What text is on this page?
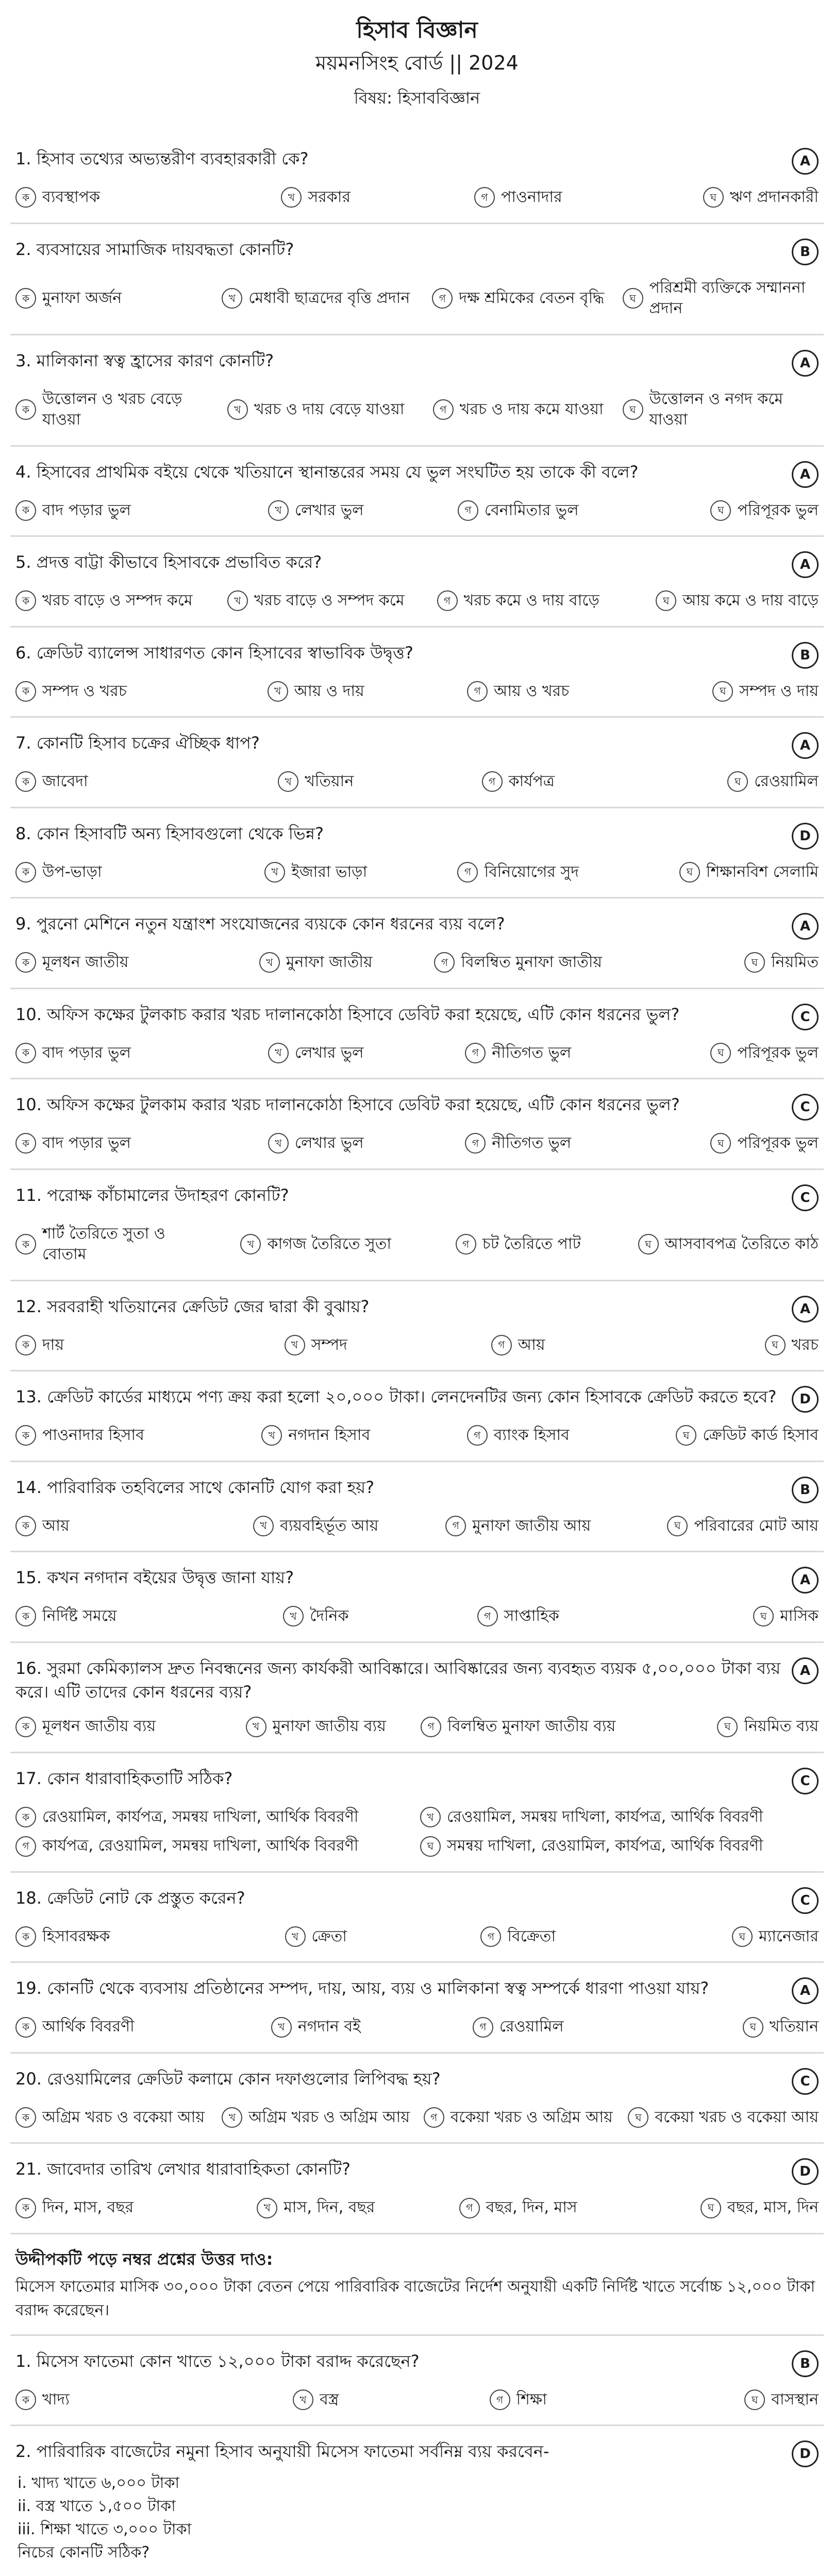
হিসাব বিজ্ঞান
ময়মনসিংহ বোর্ড || 2024
বিষয়: হিসাববিজ্ঞান
1. হিসাব তথ্যের অভ্যন্তরীণ ব্যবহারকারী কে?	A
ক ব্যবস্থাপক	খ সরকার	গ পাওনাদার	ঘ ঋণ প্রদানকারী
2. ব্যবসায়ের সামাজিক দায়বদ্ধতা কোনটি?	B
ক মুনাফা অর্জন	খ মেধাবী ছাত্রদের বৃত্তি প্রদান	গ দক্ষ শ্রমিকের বেতন বৃদ্ধি	ঘ
পরিশ্রমী ব্যক্তিকে সম্মাননা প্রদান
3. মালিকানা স্বত্ব হ্রাসের কারণ কোনটি?	A
ক
উত্তোলন ও খরচ বেড়ে যাওয়া
খ খরচ ও দায় বেড়ে যাওয়া	গ খরচ ও দায় কমে যাওয়া	ঘ
উত্তোলন ও নগদ কমে যাওয়া
4. হিসাবের প্রাথমিক বইয়ে থেকে খতিয়ানে স্থানান্তরের সময় যে ভুল সংঘটিত হয় তাকে কী বলে?	A
ক বাদ পড়ার ভুল	খ লেখার ভুল	গ বেনামিতার ভুল	ঘ পরিপূরক ভুল
5. প্রদত্ত বাট্টা কীভাবে হিসাবকে প্রভাবিত করে?	A
ক খরচ বাড়ে ও সম্পদ কমে	খ খরচ বাড়ে ও সম্পদ কমে	গ খরচ কমে ও দায় বাড়ে	ঘ আয় কমে ও দায় বাড়ে
6. ক্রেডিট ব্যালেন্স সাধারণত কোন হিসাবের স্বাভাবিক উদ্বৃত্ত?	B
ক সম্পদ ও খরচ	খ আয় ও দায়	গ আয় ও খরচ	ঘ সম্পদ ও দায়
7. কোনটি হিসাব চক্রের ঐচ্ছিক ধাপ?	A
ক জাবেদা	খ খতিয়ান	গ কার্যপত্র	ঘ রেওয়ামিল
8. কোন হিসাবটি অন্য হিসাবগুলো থেকে ভিন্ন?	D
ক উপ-ভাড়া	খ ইজারা ভাড়া	গ বিনিয়োগের সুদ	ঘ শিক্ষানবিশ সেলামি
9. পুরনো মেশিনে নতুন যন্ত্রাংশ সংযোজনের ব্যয়কে কোন ধরনের ব্যয় বলে?	A
ক মূলধন জাতীয়	খ মুনাফা জাতীয়	গ বিলম্বিত মুনাফা জাতীয়	ঘ নিয়মিত
10. অফিস কক্ষের টুলকাচ করার খরচ দালানকোঠা হিসাবে ডেবিট করা হয়েছে, এটি কোন ধরনের ভুল?	C
ক বাদ পড়ার ভুল	খ লেখার ভুল	গ নীতিগত ভুল	ঘ পরিপূরক ভুল
10. অফিস কক্ষের টুলকাম করার খরচ দালানকোঠা হিসাবে ডেবিট করা হয়েছে, এটি কোন ধরনের ভুল?	C
ক বাদ পড়ার ভুল	খ লেখার ভুল	গ নীতিগত ভুল	ঘ পরিপূরক ভুল
11. পরোক্ষ কাঁচামালের উদাহরণ কোনটি?	C
ক
শার্ট তৈরিতে সুতা ও বোতাম
খ কাগজ তৈরিতে সুতা	গ চট তৈরিতে পাট	ঘ আসবাবপত্র তৈরিতে কাঠ
12. সরবরাহী খতিয়ানের ক্রেডিট জের দ্বারা কী বুঝায়?	A
ক দায়	খ সম্পদ	গ আয়	ঘ খরচ
13. ক্রেডিট কার্ডের মাধ্যমে পণ্য ক্রয় করা হলো ২০,০০০ টাকা। লেনদেনটির জন্য কোন হিসাবকে ক্রেডিট করতে হবে?	D
ক পাওনাদার হিসাব	খ নগদান হিসাব	গ ব্যাংক হিসাব	ঘ ক্রেডিট কার্ড হিসাব
14. পারিবারিক তহবিলের সাথে কোনটি যোগ করা হয়?	B
ক আয়	খ ব্যয়বহির্ভূত আয়	গ মুনাফা জাতীয় আয়	ঘ পরিবারের মোট আয়
15. কখন নগদান বইয়ের উদ্বৃত্ত জানা যায়?	A
ক নির্দিষ্ট সময়ে	খ দৈনিক	গ সাপ্তাহিক	ঘ মাসিক
16. সুরমা কেমিক্যালস দ্রুত নিবন্ধনের জন্য কার্যকরী আবিষ্কারে। আবিষ্কারের জন্য ব্যবহৃত ব্যয়ক ৫,০০,০০০ টাকা ব্যয় করে। এটি তাদের কোন ধরনের ব্যয়?
A
ক মূলধন জাতীয় ব্যয়	খ মুনাফা জাতীয় ব্যয়	গ বিলম্বিত মুনাফা জাতীয় ব্যয়	ঘ নিয়মিত ব্যয়
17. কোন ধারাবাহিকতাটি সঠিক?	C
ক রেওয়ামিল, কার্যপত্র, সমন্বয় দাখিলা, আর্থিক বিবরণী	খ রেওয়ামিল, সমন্বয় দাখিলা, কার্যপত্র, আর্থিক বিবরণী
গ কার্যপত্র, রেওয়ামিল, সমন্বয় দাখিলা, আর্থিক বিবরণী	ঘ সমন্বয় দাখিলা, রেওয়ামিল, কার্যপত্র, আর্থিক বিবরণী
18. ক্রেডিট নোট কে প্রস্তুত করেন?	C
ক হিসাবরক্ষক	খ ক্রেতা	গ বিক্রেতা	ঘ ম্যানেজার
19. কোনটি থেকে ব্যবসায় প্রতিষ্ঠানের সম্পদ, দায়, আয়, ব্যয় ও মালিকানা স্বত্ব সম্পর্কে ধারণা পাওয়া যায়?	A
ক আর্থিক বিবরণী	খ নগদান বই	গ রেওয়ামিল	ঘ খতিয়ান
20. রেওয়ামিলের ক্রেডিট কলামে কোন দফাগুলোর লিপিবদ্ধ হয়?	C
ক অগ্রিম খরচ ও বকেয়া আয়	খ অগ্রিম খরচ ও অগ্রিম আয়	গ বকেয়া খরচ ও অগ্রিম আয়	ঘ বকেয়া খরচ ও বকেয়া আয়
21. জাবেদার তারিখ লেখার ধারাবাহিকতা কোনটি?	D
ক দিন, মাস, বছর	খ মাস, দিন, বছর	গ বছর, দিন, মাস	ঘ বছর, মাস, দিন
উদ্দীপকটি পড়ে নম্বর প্রশ্নের উত্তর দাও:
মিসেস ফাতেমার মাসিক ৩০,০০০ টাকা বেতন পেয়ে পারিবারিক বাজেটের নির্দেশ অনুযায়ী একটি নির্দিষ্ট খাতে সর্বোচ্চ ১২,০০০ টাকা বরাদ্দ করেছেন।
1. মিসেস ফাতেমা কোন খাতে ১২,০০০ টাকা বরাদ্দ করেছেন?	B
ক খাদ্য	খ বস্ত্র	গ শিক্ষা	ঘ বাসস্থান
2. পারিবারিক বাজেটের নমুনা হিসাব অনুযায়ী মিসেস ফাতেমা সর্বনিম্ন ব্যয় করবেন-	D
i. খাদ্য খাতে ৬,০০০ টাকা
ii. বস্ত্র খাতে ১,৫০০ টাকা
iii. শিক্ষা খাতে ৩,০০০ টাকা
নিচের কোনটি সঠিক?
